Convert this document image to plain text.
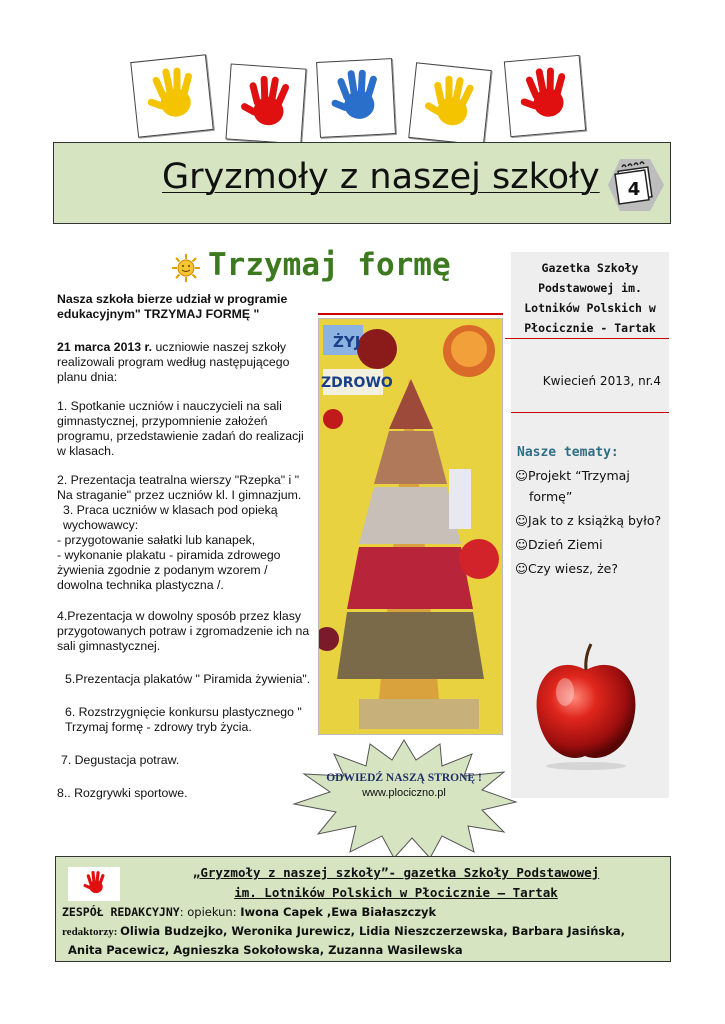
Gryzmoły z naszej szkoły 4
Trzymaj formę

Nasza szkoła bierze udział w programie edukacyjnym" TRZYMAJ FORMĘ "

21 marca 2013 r. uczniowie naszej szkoły realizowali program według następującego planu dnia:

1. Spotkanie uczniów i nauczycieli na sali gimnastycznej, przypomnienie założeń programu, przedstawienie zadań do realizacji w klasach.

2. Prezentacja teatralna wierszy "Rzepka" i " Na straganie" przez uczniów kl. I gimnazjum.
3. Praca uczniów w klasach pod opieką wychowawcy:
- przygotowanie sałatki lub kanapek,

- wykonanie plakatu - piramida zdrowego żywienia zgodnie z podanym wzorem / dowolna technika plastyczna /.

4.Prezentacja w dowolny sposób przez klasy przygotowanych potraw i zgromadzenie ich na sali gimnastycznej.

5.Prezentacja plakatów " Piramida żywienia".

6. Rozstrzygnięcie konkursu plastycznego " Trzymaj formę - zdrowy tryb życia.

7. Degustacja potraw.

8.. Rozgrywki sportowe.

ŻYJ
ZDROWO
Gazetka Szkoły Podstawowej im. Lotników Polskich w Płocicznie - Tartak
Kwiecień 2013, nr.4
Nasze tematy:
☺Projekt “Trzymaj formę”
☺Jak to z książką było?
☺Dzień Ziemi
☺Czy wiesz, że?
ODWIEDŹ NASZĄ STRONĘ !
www.plociczno.pl
„Gryzmoły z naszej szkoły”- gazetka Szkoły Podstawowej
im. Lotników Polskich w Płocicznie – Tartak
ZESPÓŁ REDAKCYJNY: opiekun: Iwona Capek ,Ewa Białaszczyk
redaktorzy: Oliwia Budzejko, Weronika Jurewicz, Lidia Nieszczerzewska, Barbara Jasińska,
Anita Pacewicz, Agnieszka Sokołowska, Zuzanna Wasilewska
